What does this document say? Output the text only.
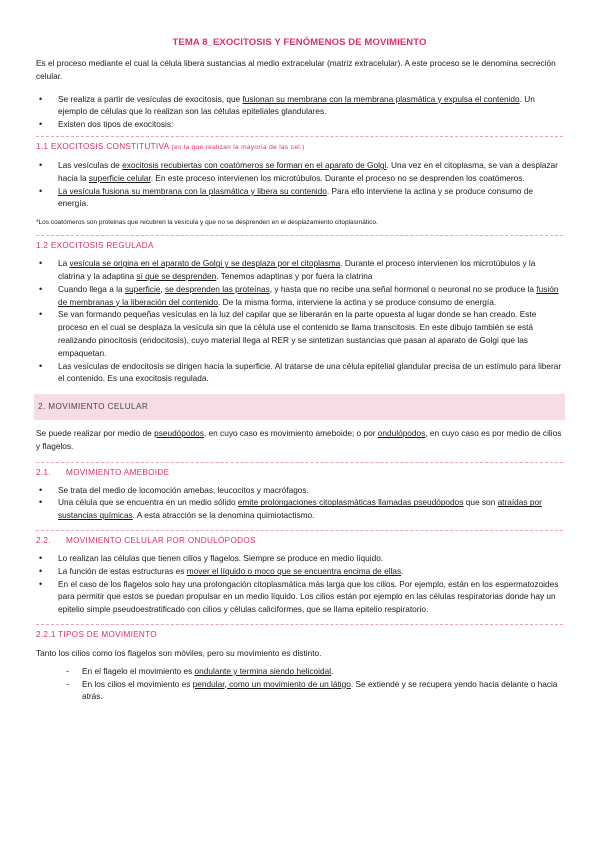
TEMA 8_EXOCITOSIS Y FENÓMENOS DE MOVIMIENTO

Es el proceso mediante el cual la célula libera sustancias al medio extracelular (matriz extracelular). A este proceso se le denomina secreción celular.

• Se realiza a partir de vesículas de exocitosis, que fusionan su membrana con la membrana plasmática y expulsa el contenido. Un ejemplo de células que lo realizan son las células epiteliales glandulares.
• Existen dos tipos de exocitosis:
1.1 EXOCITOSIS CONSTITUTIVA (es la que realizan la mayoría de las cel.)
• Las vesículas de exocitosis recubiertas con coatómeros se forman en el aparato de Golgi. Una vez en el citoplasma, se van a desplazar hacia la superficie celular. En este proceso intervienen los microtúbulos. Durante el proceso no se desprenden los coatómeros.
• La vesícula fusiona su membrana con la plasmática y libera su contenido. Para ello interviene la actina y se produce consumo de energía.

*Los coatómeros son proteinas que recubren la vesícula y que no se desprenden en el desplazamiento citoplasmático.

1.2 EXOCITOSIS REGULADA
• La vesícula se origina en el aparato de Golgi y se desplaza por el citoplasma. Durante el proceso intervienen los microtúbulos y la clatrina y la adaptina sí que se desprenden. Tenemos adaptinas y por fuera la clatrina
• Cuando llega a la superficie, se desprenden las proteínas, y hasta que no recibe una señal hormonal o neuronal no se produce la fusión de membranas y la liberación del contenido. De la misma forma, interviene la actina y se produce consumo de energía.
• Se van formando pequeñas vesículas en la luz del capilar que se liberarán en la parte opuesta al lugar donde se han creado. Este proceso en el cual se desplaza la vesícula sin que la célula use el contenido se llama transcitosis. En este dibujo también se está realizando pinocitosis (endocitosis), cuyo material llega al RER y se sintetizan sustancias que pasan al aparato de Golgi que las empaquetan.
• Las vesículas de endocitosis se dirigen hacia la superficie. Al tratarse de una célula epitelial glandular precisa de un estímulo para liberar el contenido. Es una exocitosis regulada.
2. MOVIMIENTO CELULAR

Se puede realizar por medio de pseudópodos, en cuyo caso es movimiento ameboide; o por ondulópodos, en cuyo caso es por medio de cilios y flagelos.

2.1. MOVIMIENTO AMEBOIDE
• Se trata del medio de locomoción amebas, leucocitos y macrófagos.
• Una célula que se encuentra en un medio sólido emite prolongaciones citoplasmáticas llamadas pseudópodos que son atraídas por sustancias químicas. A esta atracción se la denomina quimiotactismo.
2.2. MOVIMIENTO CELULAR POR ONDULÓPODOS
• Lo realizan las células que tienen cilios y flagelos. Siempre se produce en medio líquido.
• La función de estas estructuras es mover el líquido o moco que se encuentra encima de ellas.
• En el caso de los flagelos solo hay una prolongación citoplasmática más larga que los cilios. Por ejemplo, están en los espermatozoides para permitir que estos se puedan propulsar en un medio líquido. Los cilios están por ejemplo en las células respiratorias donde hay un epitelio simple pseudoestratificado con cilios y células caliciformes, que se llama epitelio respiratorio.
2.2.1 TIPOS DE MOVIMIENTO

Tanto los cilios como los flagelos son móviles, pero su movimiento es distinto.

- En el flagelo el movimiento es ondulante y termina siendo helicoidal.
- En los cilios el movimiento es pendular, como un movimiento de un látigo. Se extiende y se recupera yendo hacia delante o hacia atrás.
